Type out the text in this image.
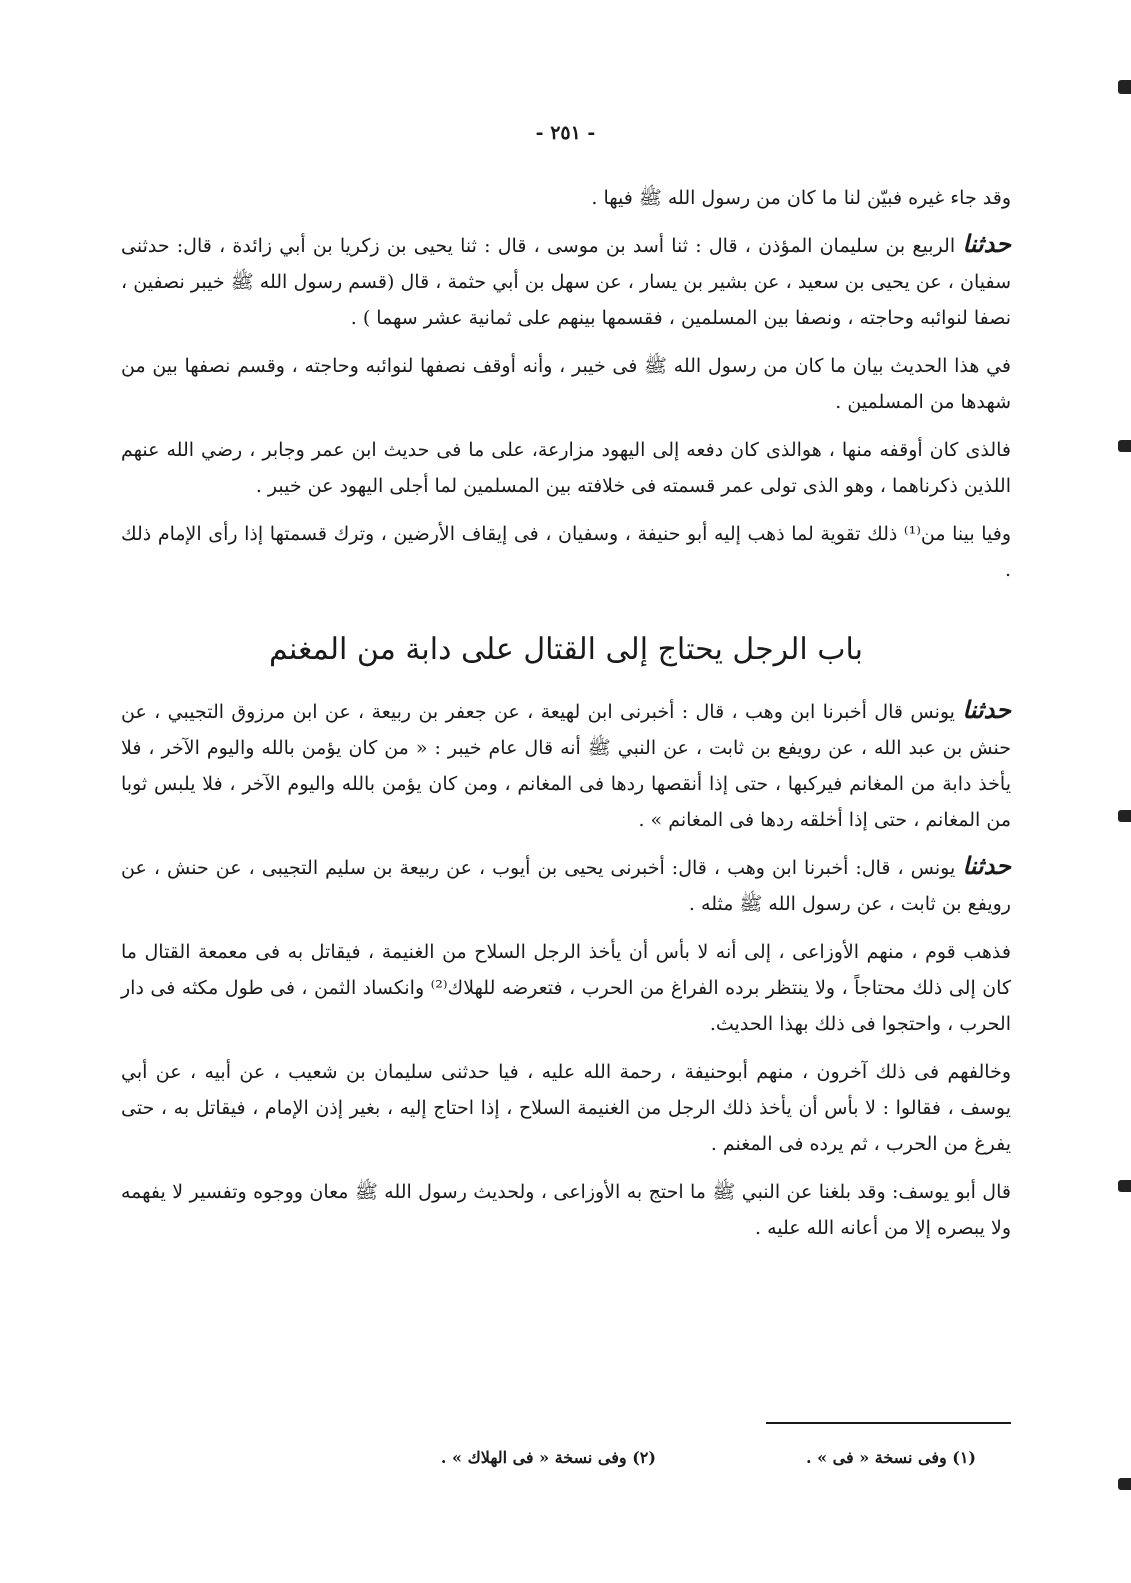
- ٢٥١ -

وقد جاء غيره فبيّن لنا ما كان من رسول الله ﷺ فيها .

حدثنا الربيع بن سليمان المؤذن ، قال : ثنا أسد بن موسى ، قال : ثنا يحيى بن زكريا بن أبي زائدة ، قال: حدثنى سفيان ، عن يحيى بن سعيد ، عن بشير بن يسار ، عن سهل بن أبي حثمة ، قال (قسم رسول الله ﷺ خيبر نصفين ، نصفا لنوائبه وحاجته ، ونصفا بين المسلمين ، فقسمها بينهم على ثمانية عشر سهما ) .

في هذا الحديث بيان ما كان من رسول الله ﷺ فى خيبر ، وأنه أوقف نصفها لنوائبه وحاجته ، وقسم نصفها بين من شهدها من المسلمين .

فالذى كان أوقفه منها ، هوالذى كان دفعه إلى اليهود مزارعة، على ما فى حديث ابن عمر وجابر ، رضي الله عنهم اللذين ذكرناهما ، وهو الذى تولى عمر قسمته فى خلافته بين المسلمين لما أجلى اليهود عن خيبر .

وفيا بينا من⁽¹⁾ ذلك تقوية لما ذهب إليه أبو حنيفة ، وسفيان ، فى إيقاف الأرضين ، وترك قسمتها إذا رأى الإمام ذلك .

باب الرجل يحتاج إلى القتال على دابة من المغنم

حدثنا يونس قال أخبرنا ابن وهب ، قال : أخبرنى ابن لهيعة ، عن جعفر بن ربيعة ، عن ابن مرزوق التجيبي ، عن حنش بن عبد الله ، عن رويفع بن ثابت ، عن النبي ﷺ أنه قال عام خيبر : « من كان يؤمن بالله واليوم الآخر ، فلا يأخذ دابة من المغانم فيركبها ، حتى إذا أنقصها ردها فى المغانم ، ومن كان يؤمن بالله واليوم الآخر ، فلا يلبس ثوبا من المغانم ، حتى إذا أخلقه ردها فى المغانم » .

حدثنا يونس ، قال: أخبرنا ابن وهب ، قال: أخبرنى يحيى بن أيوب ، عن ربيعة بن سليم التجيبى ، عن حنش ، عن رويفع بن ثابت ، عن رسول الله ﷺ مثله .

فذهب قوم ، منهم الأوزاعى ، إلى أنه لا بأس أن يأخذ الرجل السلاح من الغنيمة ، فيقاتل به فى معمعة القتال ما كان إلى ذلك محتاجاً ، ولا ينتظر برده الفراغ من الحرب ، فتعرضه للهلاك⁽²⁾ وانكساد الثمن ، فى طول مكثه فى دار الحرب ، واحتجوا فى ذلك بهذا الحديث.

وخالفهم فى ذلك آخرون ، منهم أبوحنيفة ، رحمة الله عليه ، فيا حدثنى سليمان بن شعيب ، عن أبيه ، عن أبي يوسف ، فقالوا : لا بأس أن يأخذ ذلك الرجل من الغنيمة السلاح ، إذا احتاج إليه ، بغير إذن الإمام ، فيقاتل به ، حتى يفرغ من الحرب ، ثم يرده فى المغنم .

قال أبو يوسف: وقد بلغنا عن النبي ﷺ ما احتج به الأوزاعى ، ولحديث رسول الله ﷺ معان ووجوه وتفسير لا يفهمه ولا يبصره إلا من أعانه الله عليه .

(١) وفى نسخة « فى » .
(٢) وفى نسخة « فى الهلاك » .
